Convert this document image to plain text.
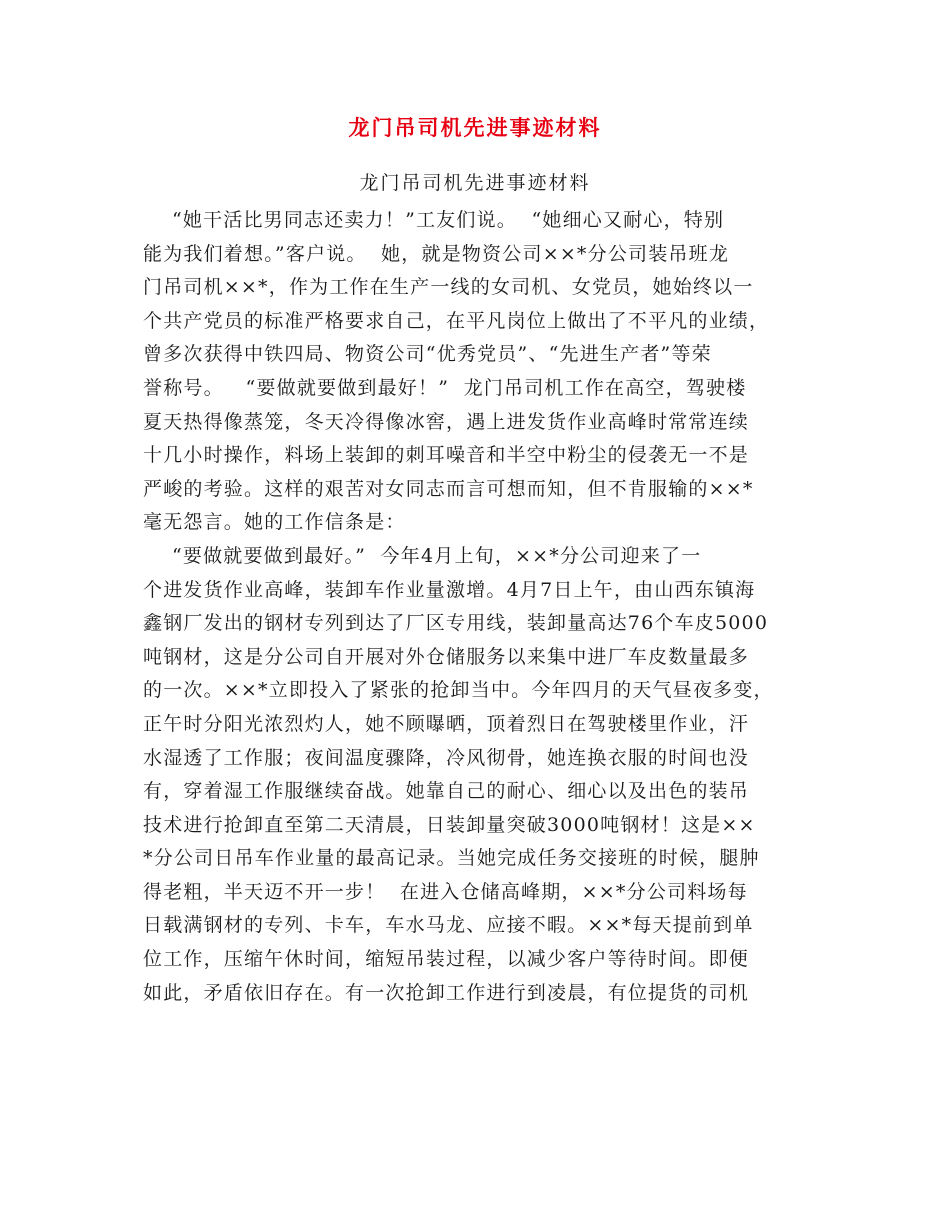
龙门吊司机先进事迹材料
龙门吊司机先进事迹材料
“她干活比男同志还卖力！”工友们说。  “她细心又耐心，特别
能为我们着想。”客户说。  她，就是物资公司××*分公司装吊班龙
门吊司机××*，作为工作在生产一线的女司机、女党员，她始终以一
个共产党员的标准严格要求自己，在平凡岗位上做出了不平凡的业绩，
曾多次获得中铁四局、物资公司“优秀党员”、“先进生产者”等荣
誉称号。   “要做就要做到最好！”  龙门吊司机工作在高空，驾驶楼
夏天热得像蒸笼，冬天冷得像冰窖，遇上进发货作业高峰时常常连续
十几小时操作，料场上装卸的刺耳噪音和半空中粉尘的侵袭无一不是
严峻的考验。这样的艰苦对女同志而言可想而知，但不肯服输的××*
毫无怨言。她的工作信条是：
“要做就要做到最好。”  今年4月上旬，××*分公司迎来了一
个进发货作业高峰，装卸车作业量激增。4月7日上午，由山西东镇海
鑫钢厂发出的钢材专列到达了厂区专用线，装卸量高达76个车皮5000
吨钢材，这是分公司自开展对外仓储服务以来集中进厂车皮数量最多
的一次。××*立即投入了紧张的抢卸当中。今年四月的天气昼夜多变，
正午时分阳光浓烈灼人，她不顾曝晒，顶着烈日在驾驶楼里作业，汗
水湿透了工作服；夜间温度骤降，冷风彻骨，她连换衣服的时间也没
有，穿着湿工作服继续奋战。她靠自己的耐心、细心以及出色的装吊
技术进行抢卸直至第二天清晨，日装卸量突破3000吨钢材！这是××
*分公司日吊车作业量的最高记录。当她完成任务交接班的时候，腿肿
得老粗，半天迈不开一步！  在进入仓储高峰期，××*分公司料场每
日载满钢材的专列、卡车，车水马龙、应接不暇。××*每天提前到单
位工作，压缩午休时间，缩短吊装过程，以减少客户等待时间。即便
如此，矛盾依旧存在。有一次抢卸工作进行到凌晨，有位提货的司机
